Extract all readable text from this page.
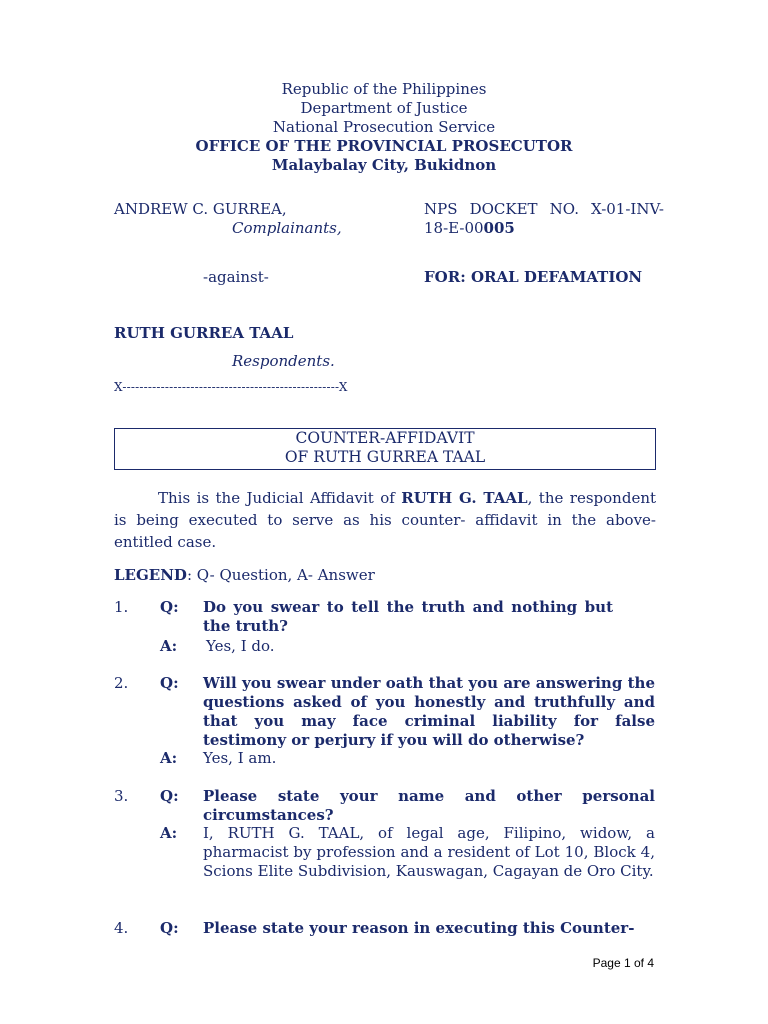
Republic of the Philippines
Department of Justice
National Prosecution Service
OFFICE OF THE PROVINCIAL PROSECUTOR
Malaybalay City, Bukidnon
ANDREW C. GURREA,
Complainants,
-against-
RUTH GURREA TAAL
Respondents.
X---------------------------------------------------X
NPS DOCKET NO. X-01-INV-
18-E-00005
FOR: ORAL DEFAMATION
COUNTER-AFFIDAVIT
OF RUTH GURREA TAAL
This is the Judicial Affidavit of RUTH G. TAAL, the respondent is being executed to serve as his counter- affidavit in the above-entitled case.
LEGEND: Q- Question, A- Answer
1. Q: Do you swear to tell the truth and nothing but the truth?
A: Yes, I do.
2. Q: Will you swear under oath that you are answering the questions asked of you honestly and truthfully and that you may face criminal liability for false testimony or perjury if you will do otherwise?
A: Yes, I am.
3. Q: Please state your name and other personal circumstances?
A: I, RUTH G. TAAL, of legal age, Filipino, widow, a pharmacist by profession and a resident of Lot 10, Block 4, Scions Elite Subdivision, Kauswagan, Cagayan de Oro City.
4. Q: Please state your reason in executing this Counter-
Page 1 of 4
